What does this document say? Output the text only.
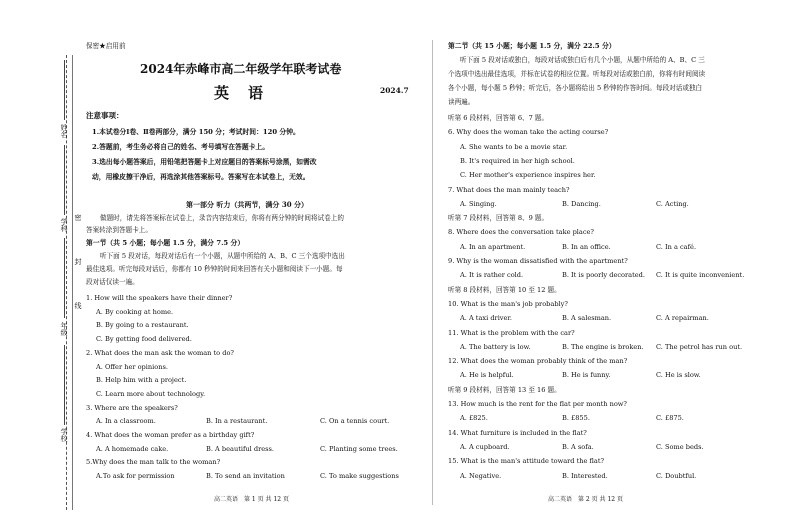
姓名
学科
密
封
线
年级
学校
保密★启用前
2024年赤峰市高二年级学年联考试卷
英　语	2024.7
注意事项：
1.本试卷分Ⅰ卷、Ⅱ卷两部分，满分 150 分；考试时间：120 分钟。
2.答题前，考生务必将自己的姓名、考号填写在答题卡上。
3.选出每小题答案后，用铅笔把答题卡上对应题目的答案标号涂黑，如需改
动，用橡皮擦干净后，再选涂其他答案标号。答案写在本试卷上，无效。
第一部分 听力（共两节，满分 30 分）
做题时，请先将答案标在试卷上，录音内容结束后，你将有两分钟的时间将试卷上的
答案转涂到答题卡上。
第一节（共 5 小题；每小题 1.5 分，满分 7.5 分）
听下面 5 段对话，每段对话后有一个小题，从题中所给的 A、B、C 三个选项中选出
最佳选项。听完每段对话后，你都有 10 秒钟的时间来回答有关小题和阅读下一小题。每
段对话仅读一遍。
1. How will the speakers have their dinner?
A. By cooking at home.
B. By going to a restaurant.
C. By getting food delivered.
2. What does the man ask the woman to do?
A. Offer her opinions.
B. Help him with a project.
C. Learn more about technology.
3. Where are the speakers?
A. In a classroom.	B. In a restaurant.	C. On a tennis court.
4. What does the woman prefer as a birthday gift?
A. A homemade cake.	B. A beautiful dress.	C. Planting some trees.
5.Why does the man talk to the woman?
A.To ask for permission	B. To send an invitation	C. To make suggestions
高二英语　第 1 页 共 12 页
第二节（共 15 小题；每小题 1.5 分，满分 22.5 分）
听下面 5 段对话或独白，每段对话或独白后有几个小题，从题中所给的 A、B、C 三
个选项中选出最佳选项，并标在试卷的相应位置。听每段对话或独白前，你将有时间阅读
各个小题，每小题 5 秒钟；听完后，各小题将给出 5 秒钟的作答时间。每段对话或独白
读两遍。
听第 6 段材料，回答第 6、7 题。
6. Why does the woman take the acting course?
A. She wants to be a movie star.
B. It's required in her high school.
C. Her mother's experience inspires her.
7. What does the man mainly teach?
A. Singing.	B. Dancing.	C. Acting.
听第 7 段材料，回答第 8、9 题。
8. Where does the conversation take place?
A. In an apartment.	B. In an office.	C. In a café.
9. Why is the woman dissatisfied with the apartment?
A. It is rather cold.	B. It is poorly decorated. C. It is quite inconvenient.
听第 8 段材料，回答第 10 至 12 题。
10. What is the man's job probably?
A. A taxi driver.	B. A salesman.	C. A repairman.
11. What is the problem with the car?
A. The battery is low.	B. The engine is broken. C. The petrol has run out.
12. What does the woman probably think of the man?
A. He is helpful.	B. He is funny.	C. He is slow.
听第 9 段材料，回答第 13 至 16 题。
13. How much is the rent for the flat per month now?
A. £825.	B. £855.	C. £875.
14. What furniture is included in the flat?
A. A cupboard.	B. A sofa.	C. Some beds.
15. What is the man's attitude toward the flat?
A. Negative.	B. Interested.	C. Doubtful.
高二英语　第 2 页 共 12 页
